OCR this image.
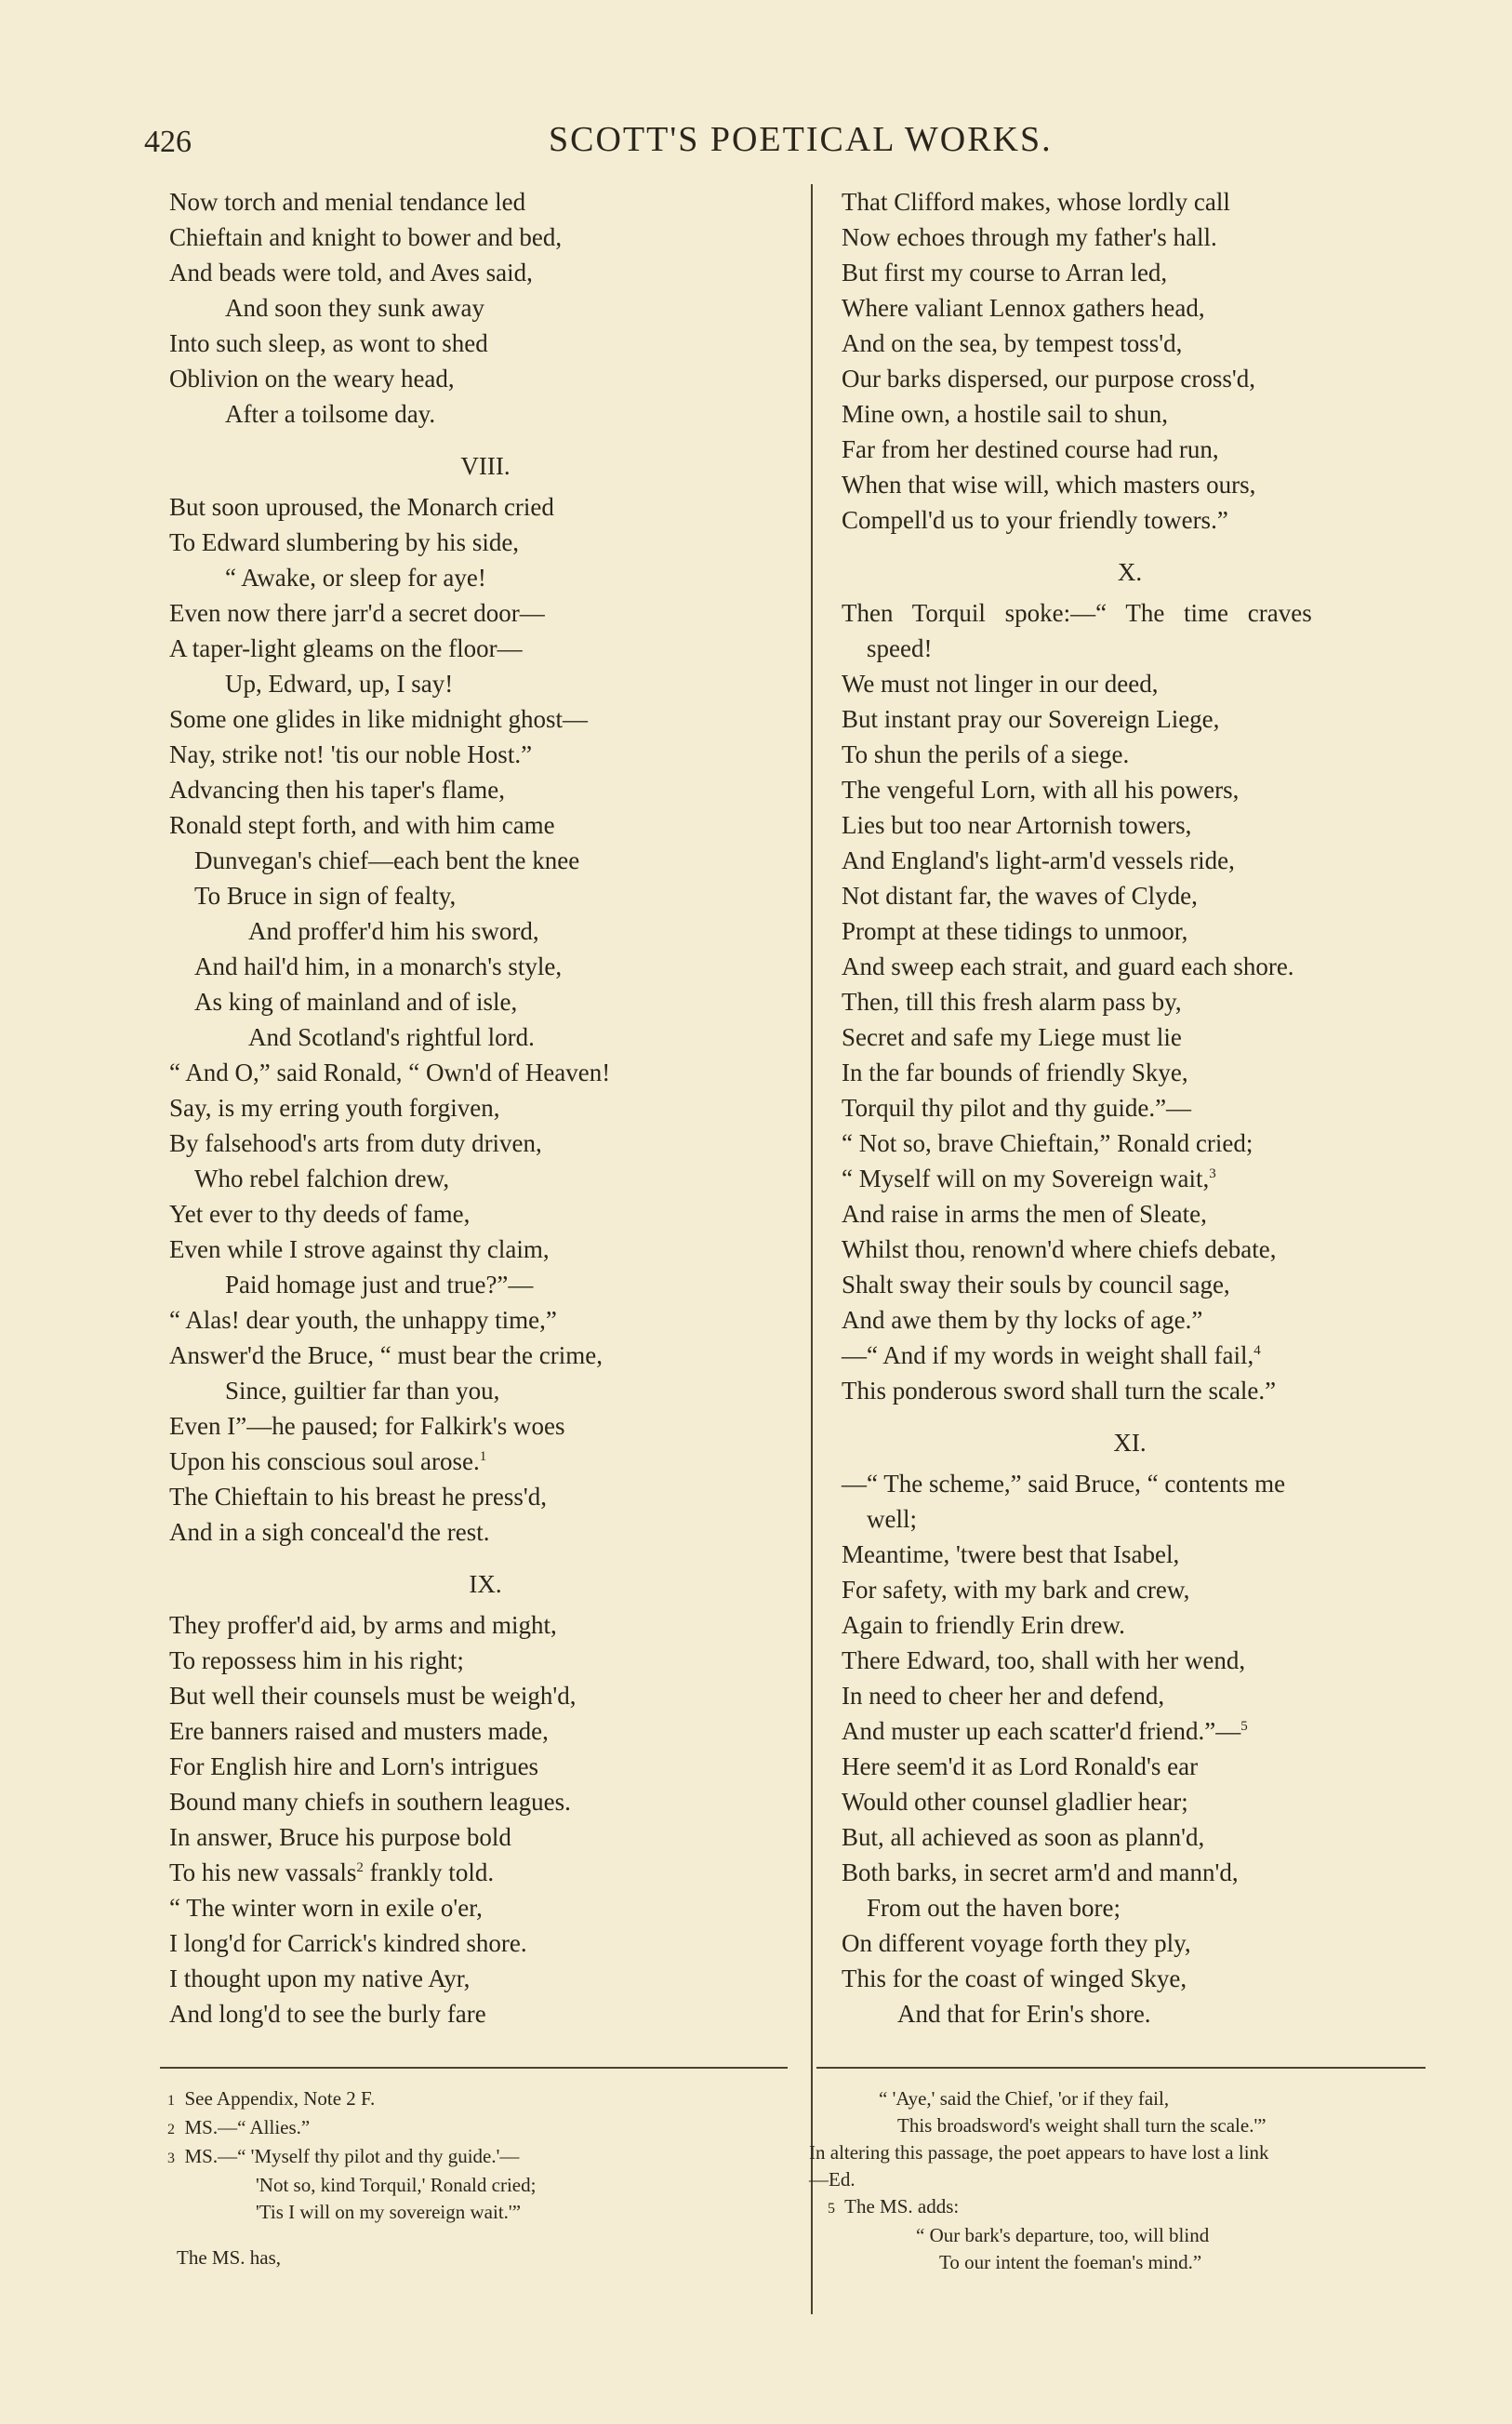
426	SCOTT'S POETICAL WORKS.
Now torch and menial tendance led
Chieftain and knight to bower and bed,
And beads were told, and Aves said,
And soon they sunk away
Into such sleep, as wont to shed
Oblivion on the weary head,
After a toilsome day.
VIII.
But soon uproused, the Monarch cried
To Edward slumbering by his side,
“ Awake, or sleep for aye!
Even now there jarr'd a secret door—
A taper-light gleams on the floor—
Up, Edward, up, I say!
Some one glides in like midnight ghost—
Nay, strike not! 'tis our noble Host.”
Advancing then his taper's flame,
Ronald stept forth, and with him came
Dunvegan's chief—each bent the knee
To Bruce in sign of fealty,
And proffer'd him his sword,
And hail'd him, in a monarch's style,
As king of mainland and of isle,
And Scotland's rightful lord.
“ And O,” said Ronald, “ Own'd of Heaven!
Say, is my erring youth forgiven,
By falsehood's arts from duty driven,
Who rebel falchion drew,
Yet ever to thy deeds of fame,
Even while I strove against thy claim,
Paid homage just and true?”—
“ Alas! dear youth, the unhappy time,”
Answer'd the Bruce, “ must bear the crime,
Since, guiltier far than you,
Even I”—he paused; for Falkirk's woes
Upon his conscious soul arose.$^1$
The Chieftain to his breast he press'd,
And in a sigh conceal'd the rest.
IX.
They proffer'd aid, by arms and might,
To repossess him in his right;
But well their counsels must be weigh'd,
Ere banners raised and musters made,
For English hire and Lorn's intrigues
Bound many chiefs in southern leagues.
In answer, Bruce his purpose bold
To his new vassals$^2$ frankly told.
“ The winter worn in exile o'er,
I long'd for Carrick's kindred shore.
I thought upon my native Ayr,
And long'd to see the burly fare
That Clifford makes, whose lordly call
Now echoes through my father's hall.
But first my course to Arran led,
Where valiant Lennox gathers head,
And on the sea, by tempest toss'd,
Our barks dispersed, our purpose cross'd,
Mine own, a hostile sail to shun,
Far from her destined course had run,
When that wise will, which masters ours,
Compell'd us to your friendly towers.”
X.
Then Torquil spoke:—“ The time craves
speed!
We must not linger in our deed,
But instant pray our Sovereign Liege,
To shun the perils of a siege.
The vengeful Lorn, with all his powers,
Lies but too near Artornish towers,
And England's light-arm'd vessels ride,
Not distant far, the waves of Clyde,
Prompt at these tidings to unmoor,
And sweep each strait, and guard each shore.
Then, till this fresh alarm pass by,
Secret and safe my Liege must lie
In the far bounds of friendly Skye,
Torquil thy pilot and thy guide.”—
“ Not so, brave Chieftain,” Ronald cried;
“ Myself will on my Sovereign wait,$^3$
And raise in arms the men of Sleate,
Whilst thou, renown'd where chiefs debate,
Shalt sway their souls by council sage,
And awe them by thy locks of age.”
—“ And if my words in weight shall fail,$^4$
This ponderous sword shall turn the scale.”
XI.
—“ The scheme,” said Bruce, “ contents me
well;
Meantime, 'twere best that Isabel,
For safety, with my bark and crew,
Again to friendly Erin drew.
There Edward, too, shall with her wend,
In need to cheer her and defend,
And muster up each scatter'd friend.”—$^5$
Here seem'd it as Lord Ronald's ear
Would other counsel gladlier hear;
But, all achieved as soon as plann'd,
Both barks, in secret arm'd and mann'd,
From out the haven bore;
On different voyage forth they ply,
This for the coast of winged Skye,
And that for Erin's shore.
1 See Appendix, Note 2 F.
2 MS.—“ Allies.”
3 MS.—“ 'Myself thy pilot and thy guide.'—
'Not so, kind Torquil,' Ronald cried;
'Tis I will on my sovereign wait.'”
The MS. has,
“ 'Aye,' said the Chief, 'or if they fail,
This broadsword's weight shall turn the scale.'”
In altering this passage, the poet appears to have lost a link
—Ed.
5 The MS. adds:
“ Our bark's departure, too, will blind
To our intent the foeman's mind.”
